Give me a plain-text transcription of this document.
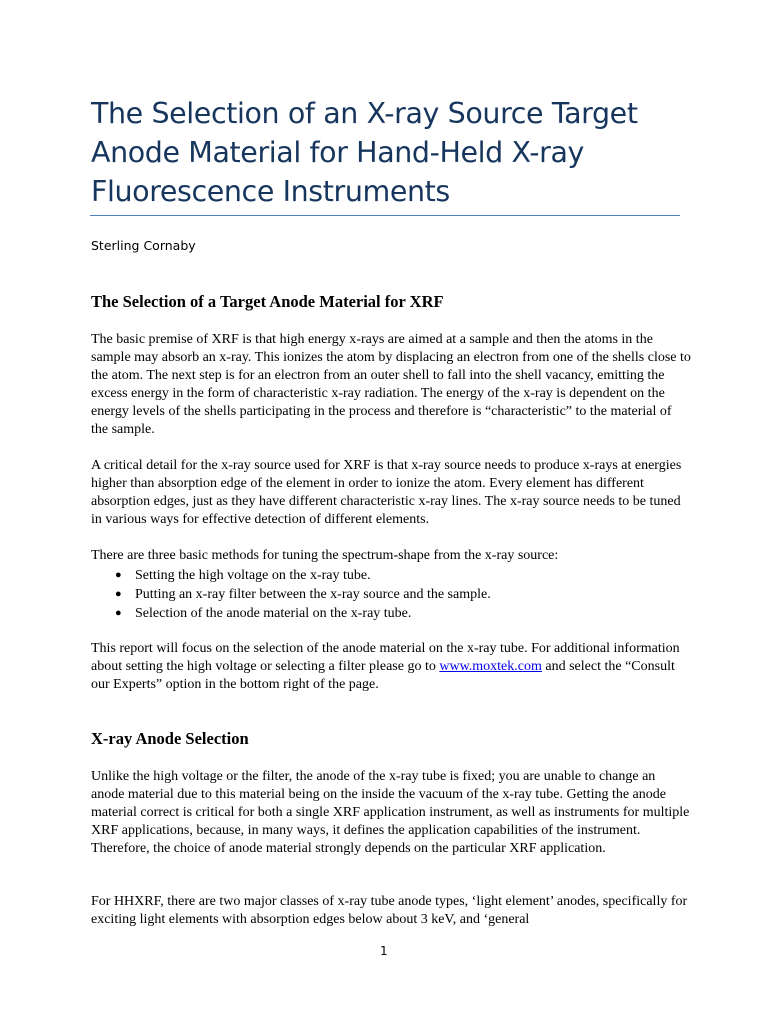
The Selection of an X-ray Source Target Anode Material for Hand-Held X-ray Fluorescence Instruments
Sterling Cornaby
The Selection of a Target Anode Material for XRF

The basic premise of XRF is that high energy x-rays are aimed at a sample and then the atoms in the sample may absorb an x-ray. This ionizes the atom by displacing an electron from one of the shells close to the atom. The next step is for an electron from an outer shell to fall into the shell vacancy, emitting the excess energy in the form of characteristic x-ray radiation. The energy of the x-ray is dependent on the energy levels of the shells participating in the process and therefore is “characteristic” to the material of the sample.

A critical detail for the x-ray source used for XRF is that x-ray source needs to produce x-rays at energies higher than absorption edge of the element in order to ionize the atom. Every element has different absorption edges, just as they have different characteristic x-ray lines. The x-ray source needs to be tuned in various ways for effective detection of different elements.

There are three basic methods for tuning the spectrum-shape from the x-ray source:

● Setting the high voltage on the x-ray tube.
● Putting an x-ray filter between the x-ray source and the sample.
● Selection of the anode material on the x-ray tube.

This report will focus on the selection of the anode material on the x-ray tube. For additional information about setting the high voltage or selecting a filter please go to www.moxtek.com and select the “Consult our Experts” option in the bottom right of the page.

X-ray Anode Selection

Unlike the high voltage or the filter, the anode of the x-ray tube is fixed; you are unable to change an anode material due to this material being on the inside the vacuum of the x-ray tube. Getting the anode material correct is critical for both a single XRF application instrument, as well as instruments for multiple XRF applications, because, in many ways, it defines the application capabilities of the instrument. Therefore, the choice of anode material strongly depends on the particular XRF application.

For HHXRF, there are two major classes of x-ray tube anode types, ‘light element’ anodes, specifically for exciting light elements with absorption edges below about 3 keV, and ‘general

1
